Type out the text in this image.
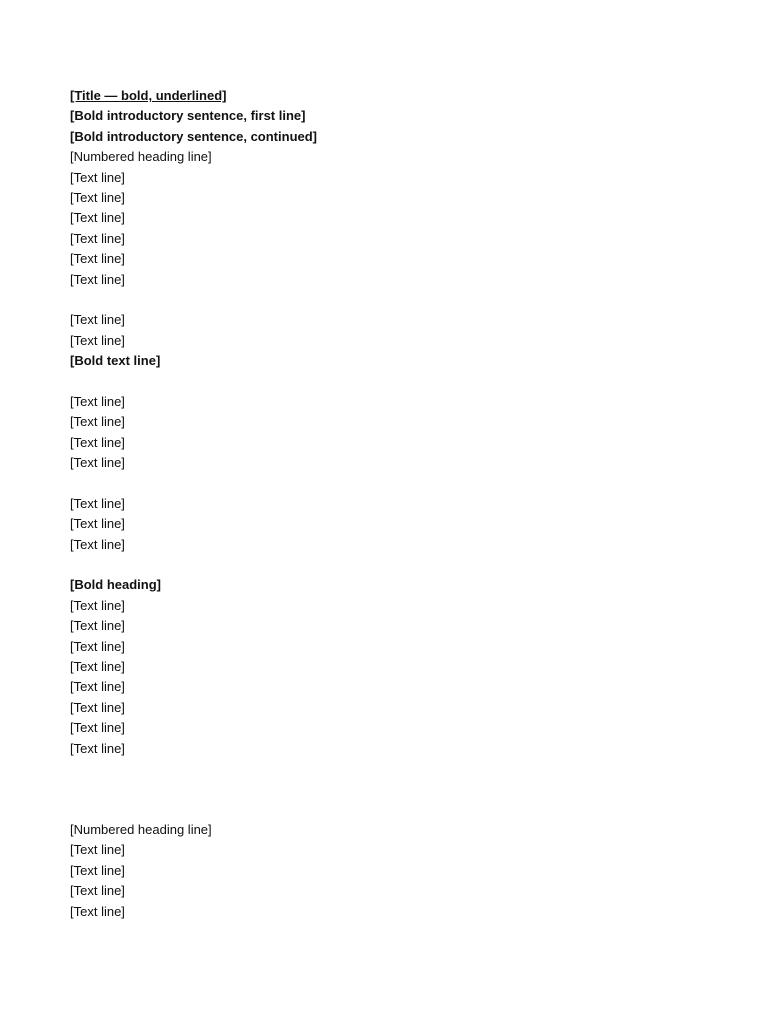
[Title — bold, underlined]
[Bold introductory sentence, first line]
[Bold introductory sentence, continued]
[Numbered heading line]
[Text line]
[Text line]
[Text line]
[Text line]
[Text line]
[Text line]
[Text line]
[Text line]
[Bold text line]
[Text line]
[Text line]
[Text line]
[Text line]
[Text line]
[Text line]
[Text line]
[Bold heading]
[Text line]
[Text line]
[Text line]
[Text line]
[Text line]
[Text line]
[Text line]
[Text line]
[Numbered heading line]
[Text line]
[Text line]
[Text line]
[Text line]
